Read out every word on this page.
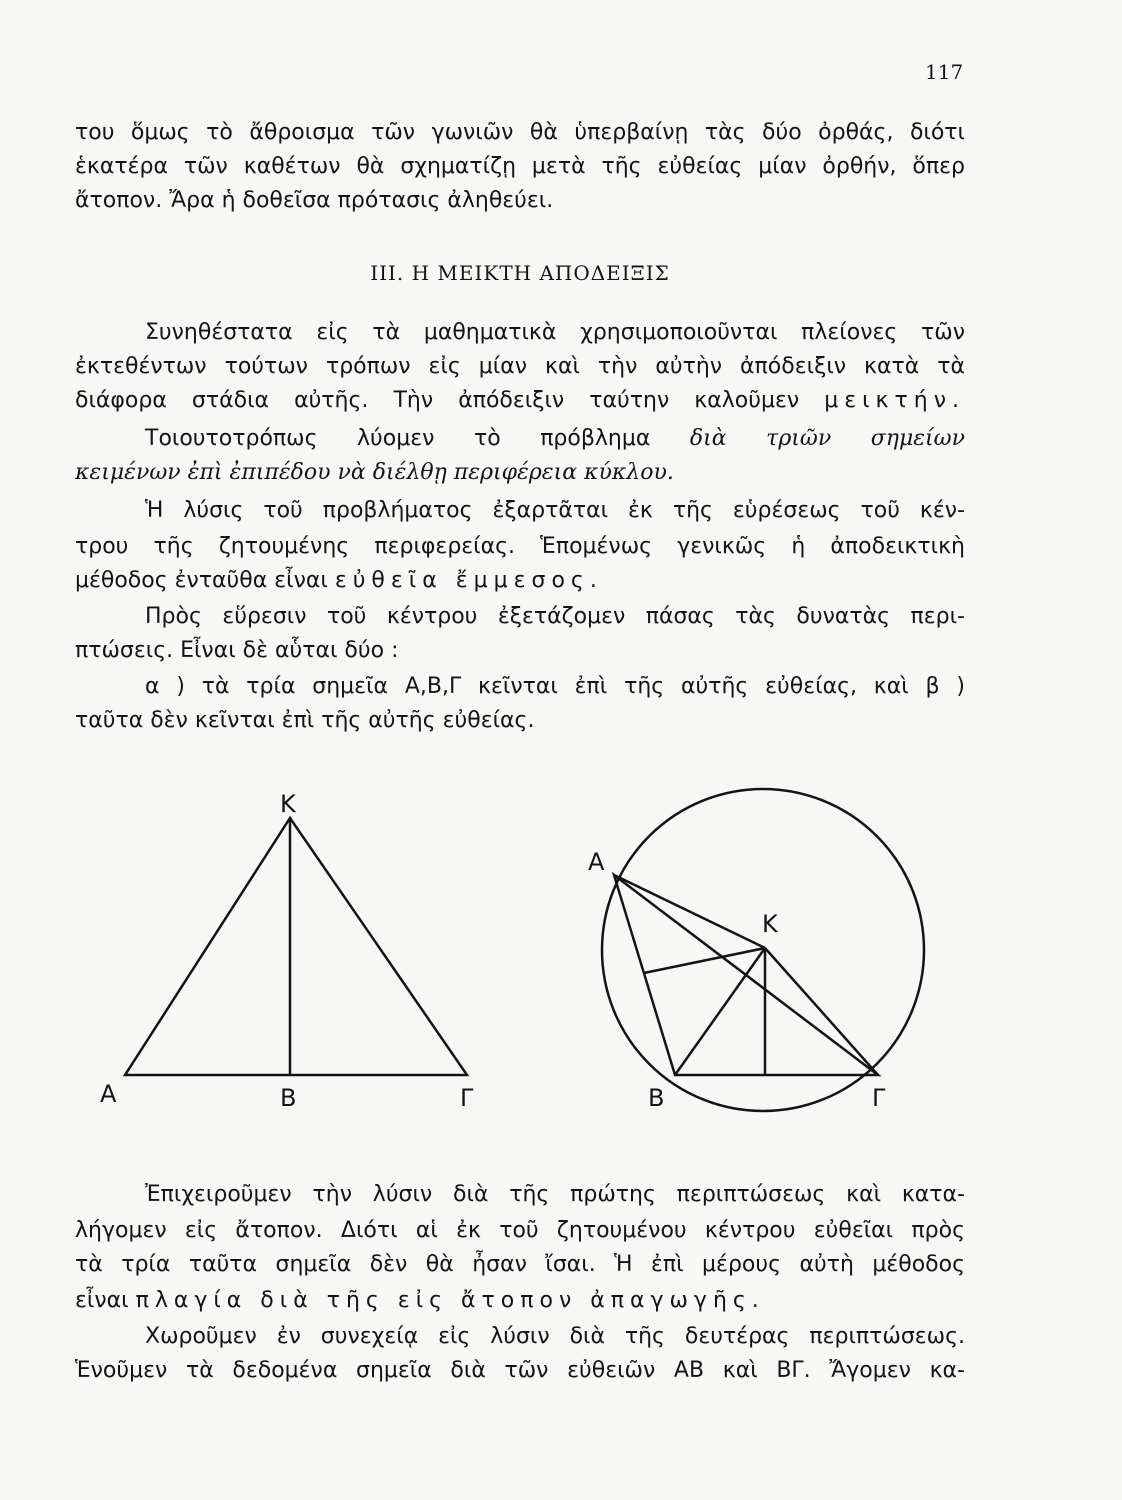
117
του ὅμως τὸ ἄθροισμα τῶν γωνιῶν θὰ ὑπερβαίνῃ τὰς δύο ὀρθάς, διότι
ἑκατέρα τῶν καθέτων θὰ σχηματίζῃ μετὰ τῆς εὐθείας μίαν ὀρθήν, ὅπερ
ἄτοπον. Ἄρα ἡ δοθεῖσα πρότασις ἀληθεύει.
III. Η ΜΕΙΚΤΗ ΑΠΟΔΕΙΞΙΣ
Συνηθέστατα εἰς τὰ μαθηματικὰ χρησιμοποιοῦνται πλείονες τῶν
ἐκτεθέντων τούτων τρόπων εἰς μίαν καὶ τὴν αὐτὴν ἀπόδειξιν κατὰ τὰ
διάφορα στάδια αὐτῆς. Τὴν ἀπόδειξιν ταύτην καλοῦμεν μεικτήν.
Τοιουτοτρόπως λύομεν τὸ πρόβλημα διὰ τριῶν σημείων
κειμένων ἐπὶ ἐπιπέδου νὰ διέλθῃ περιφέρεια κύκλου.
Ἡ λύσις τοῦ προβλήματος ἐξαρτᾶται ἐκ τῆς εὑρέσεως τοῦ κέν-
τρου τῆς ζητουμένης περιφερείας. Ἑπομένως γενικῶς ἡ ἀποδεικτικὴ
μέθοδος ἐνταῦθα εἶναι εὐθεῖα ἔμμεσος.
Πρὸς εὕρεσιν τοῦ κέντρου ἐξετάζομεν πάσας τὰς δυνατὰς περι-
πτώσεις. Εἶναι δὲ αὗται δύο :
α ) τὰ τρία σημεῖα Α,Β,Γ κεῖνται ἐπὶ τῆς αὐτῆς εὐθείας, καὶ β )
ταῦτα δὲν κεῖνται ἐπὶ τῆς αὐτῆς εὐθείας.
Κ
Α	Β	Γ
Α
Κ
Β	Γ
Ἐπιχειροῦμεν τὴν λύσιν διὰ τῆς πρώτης περιπτώσεως καὶ κατα-
λήγομεν εἰς ἄτοπον. Διότι αἱ ἐκ τοῦ ζητουμένου κέντρου εὐθεῖαι πρὸς
τὰ τρία ταῦτα σημεῖα δὲν θὰ ἦσαν ἴσαι. Ἡ ἐπὶ μέρους αὐτὴ μέθοδος
εἶναι πλαγία διὰ τῆς εἰς ἄτοπον ἀπαγωγῆς.
Χωροῦμεν ἐν συνεχείᾳ εἰς λύσιν διὰ τῆς δευτέρας περιπτώσεως.
Ἑνοῦμεν τὰ δεδομένα σημεῖα διὰ τῶν εὐθειῶν ΑΒ καὶ ΒΓ. Ἄγομεν κα-
